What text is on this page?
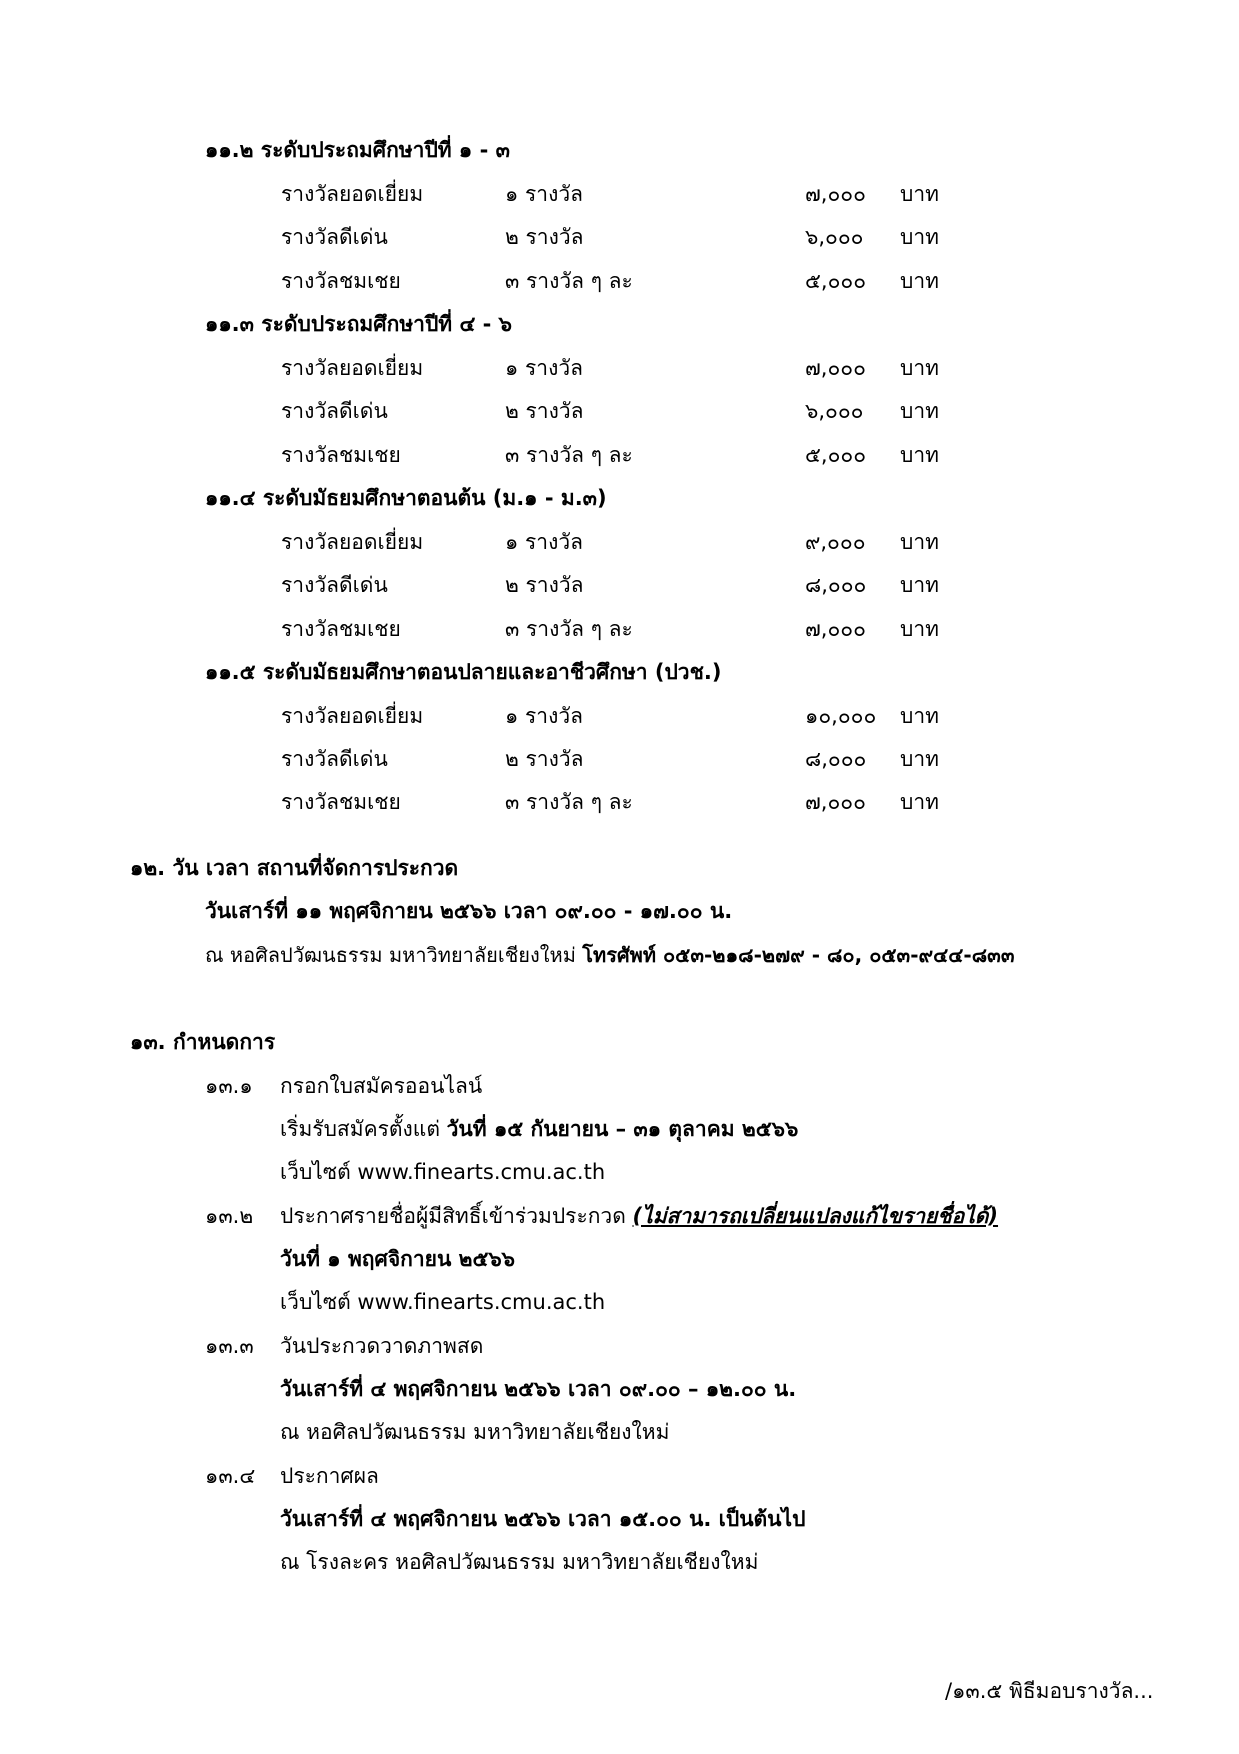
๑๑.๒ ระดับประถมศึกษาปีที่ ๑ - ๓
รางวัลยอดเยี่ยม	๑ รางวัล	๗,๐๐๐ บาท
รางวัลดีเด่น	๒ รางวัล	๖,๐๐๐ บาท
รางวัลชมเชย	๓ รางวัล ๆ ละ	๕,๐๐๐ บาท
๑๑.๓ ระดับประถมศึกษาปีที่ ๔ - ๖
รางวัลยอดเยี่ยม	๑ รางวัล	๗,๐๐๐ บาท
รางวัลดีเด่น	๒ รางวัล	๖,๐๐๐ บาท
รางวัลชมเชย	๓ รางวัล ๆ ละ	๕,๐๐๐ บาท
๑๑.๔ ระดับมัธยมศึกษาตอนต้น (ม.๑ - ม.๓)
รางวัลยอดเยี่ยม	๑ รางวัล	๙,๐๐๐ บาท
รางวัลดีเด่น	๒ รางวัล	๘,๐๐๐ บาท
รางวัลชมเชย	๓ รางวัล ๆ ละ	๗,๐๐๐ บาท
๑๑.๕ ระดับมัธยมศึกษาตอนปลายและอาชีวศึกษา (ปวช.)
รางวัลยอดเยี่ยม	๑ รางวัล	๑๐,๐๐๐ บาท
รางวัลดีเด่น	๒ รางวัล	๘,๐๐๐ บาท
รางวัลชมเชย	๓ รางวัล ๆ ละ	๗,๐๐๐ บาท
๑๒. วัน เวลา สถานที่จัดการประกวด
วันเสาร์ที่ ๑๑ พฤศจิกายน ๒๕๖๖ เวลา ๐๙.๐๐ - ๑๗.๐๐ น.
ณ หอศิลปวัฒนธรรม มหาวิทยาลัยเชียงใหม่ โทรศัพท์ ๐๕๓-๒๑๘-๒๗๙ - ๘๐, ๐๕๓-๙๔๔-๘๓๓
๑๓. กำหนดการ
๑๓.๑ กรอกใบสมัครออนไลน์
เริ่มรับสมัครตั้งแต่ วันที่ ๑๕ กันยายน – ๓๑ ตุลาคม ๒๕๖๖
เว็บไซต์ www.finearts.cmu.ac.th
๑๓.๒ ประกาศรายชื่อผู้มีสิทธิ์เข้าร่วมประกวด (ไม่สามารถเปลี่ยนแปลงแก้ไขรายชื่อได้)
วันที่ ๑ พฤศจิกายน ๒๕๖๖
เว็บไซต์ www.finearts.cmu.ac.th
๑๓.๓ วันประกวดวาดภาพสด
วันเสาร์ที่ ๔ พฤศจิกายน ๒๕๖๖ เวลา ๐๙.๐๐ – ๑๒.๐๐ น.
ณ หอศิลปวัฒนธรรม มหาวิทยาลัยเชียงใหม่
๑๓.๔ ประกาศผล
วันเสาร์ที่ ๔ พฤศจิกายน ๒๕๖๖ เวลา ๑๕.๐๐ น. เป็นต้นไป
ณ โรงละคร หอศิลปวัฒนธรรม มหาวิทยาลัยเชียงใหม่
/๑๓.๕ พิธีมอบรางวัล...
